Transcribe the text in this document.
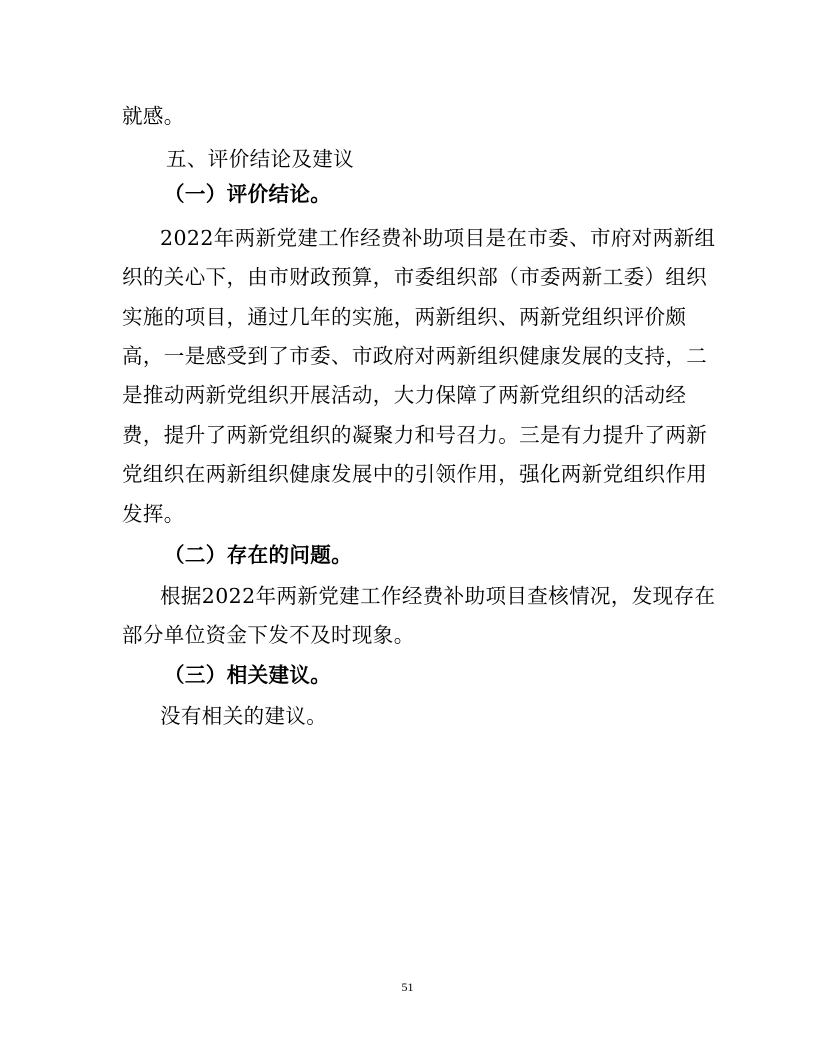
就感。
五、评价结论及建议
（一）评价结论。
2022年两新党建工作经费补助项目是在市委、市府对两新组
织的关心下，由市财政预算，市委组织部（市委两新工委）组织
实施的项目，通过几年的实施，两新组织、两新党组织评价颇
高，一是感受到了市委、市政府对两新组织健康发展的支持，二
是推动两新党组织开展活动，大力保障了两新党组织的活动经
费，提升了两新党组织的凝聚力和号召力。三是有力提升了两新
党组织在两新组织健康发展中的引领作用，强化两新党组织作用
发挥。
（二）存在的问题。
根据2022年两新党建工作经费补助项目查核情况，发现存在
部分单位资金下发不及时现象。
（三）相关建议。
没有相关的建议。
51
